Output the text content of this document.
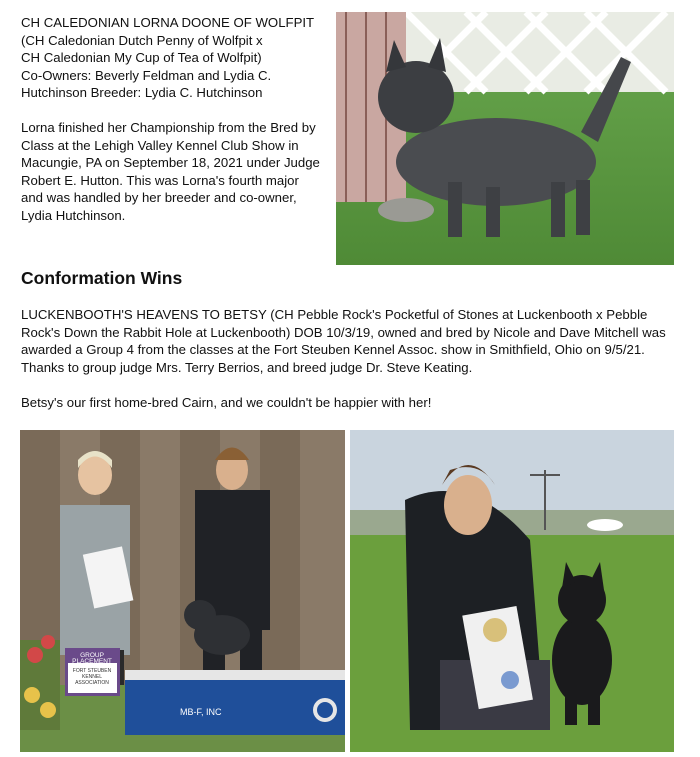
CH CALEDONIAN LORNA DOONE OF WOLFPIT

(CH Caledonian Dutch Penny of Wolfpit x

CH Caledonian My Cup of Tea of Wolfpit)

Co-Owners: Beverly Feldman and Lydia C.

Hutchinson Breeder: Lydia C. Hutchinson

Lorna finished her Championship from the Bred by Class at the Lehigh Valley Kennel Club Show in Macungie, PA on September 18, 2021 under Judge Robert E. Hutton. This was Lorna's fourth major and was handled by her breeder and co-owner, Lydia Hutchinson.

Conformation Wins

LUCKENBOOTH'S HEAVENS TO BETSY (CH Pebble Rock's Pocketful of Stones at Luckenbooth x Pebble Rock's Down the Rabbit Hole at Luckenbooth) DOB 10/3/19, owned and bred by Nicole and Dave Mitchell was awarded a Group 4 from the classes at the Fort Steuben Kennel Assoc. show in Smithfield, Ohio on 9/5/21. Thanks to group judge Mrs. Terry Berrios, and breed judge Dr. Steve Keating.

Betsy's our first home-bred Cairn, and we couldn't be happier with her!

GROUP
PLACEMENT
FORT STEUBEN
KENNEL
ASSOCIATION
MB-F, INC
